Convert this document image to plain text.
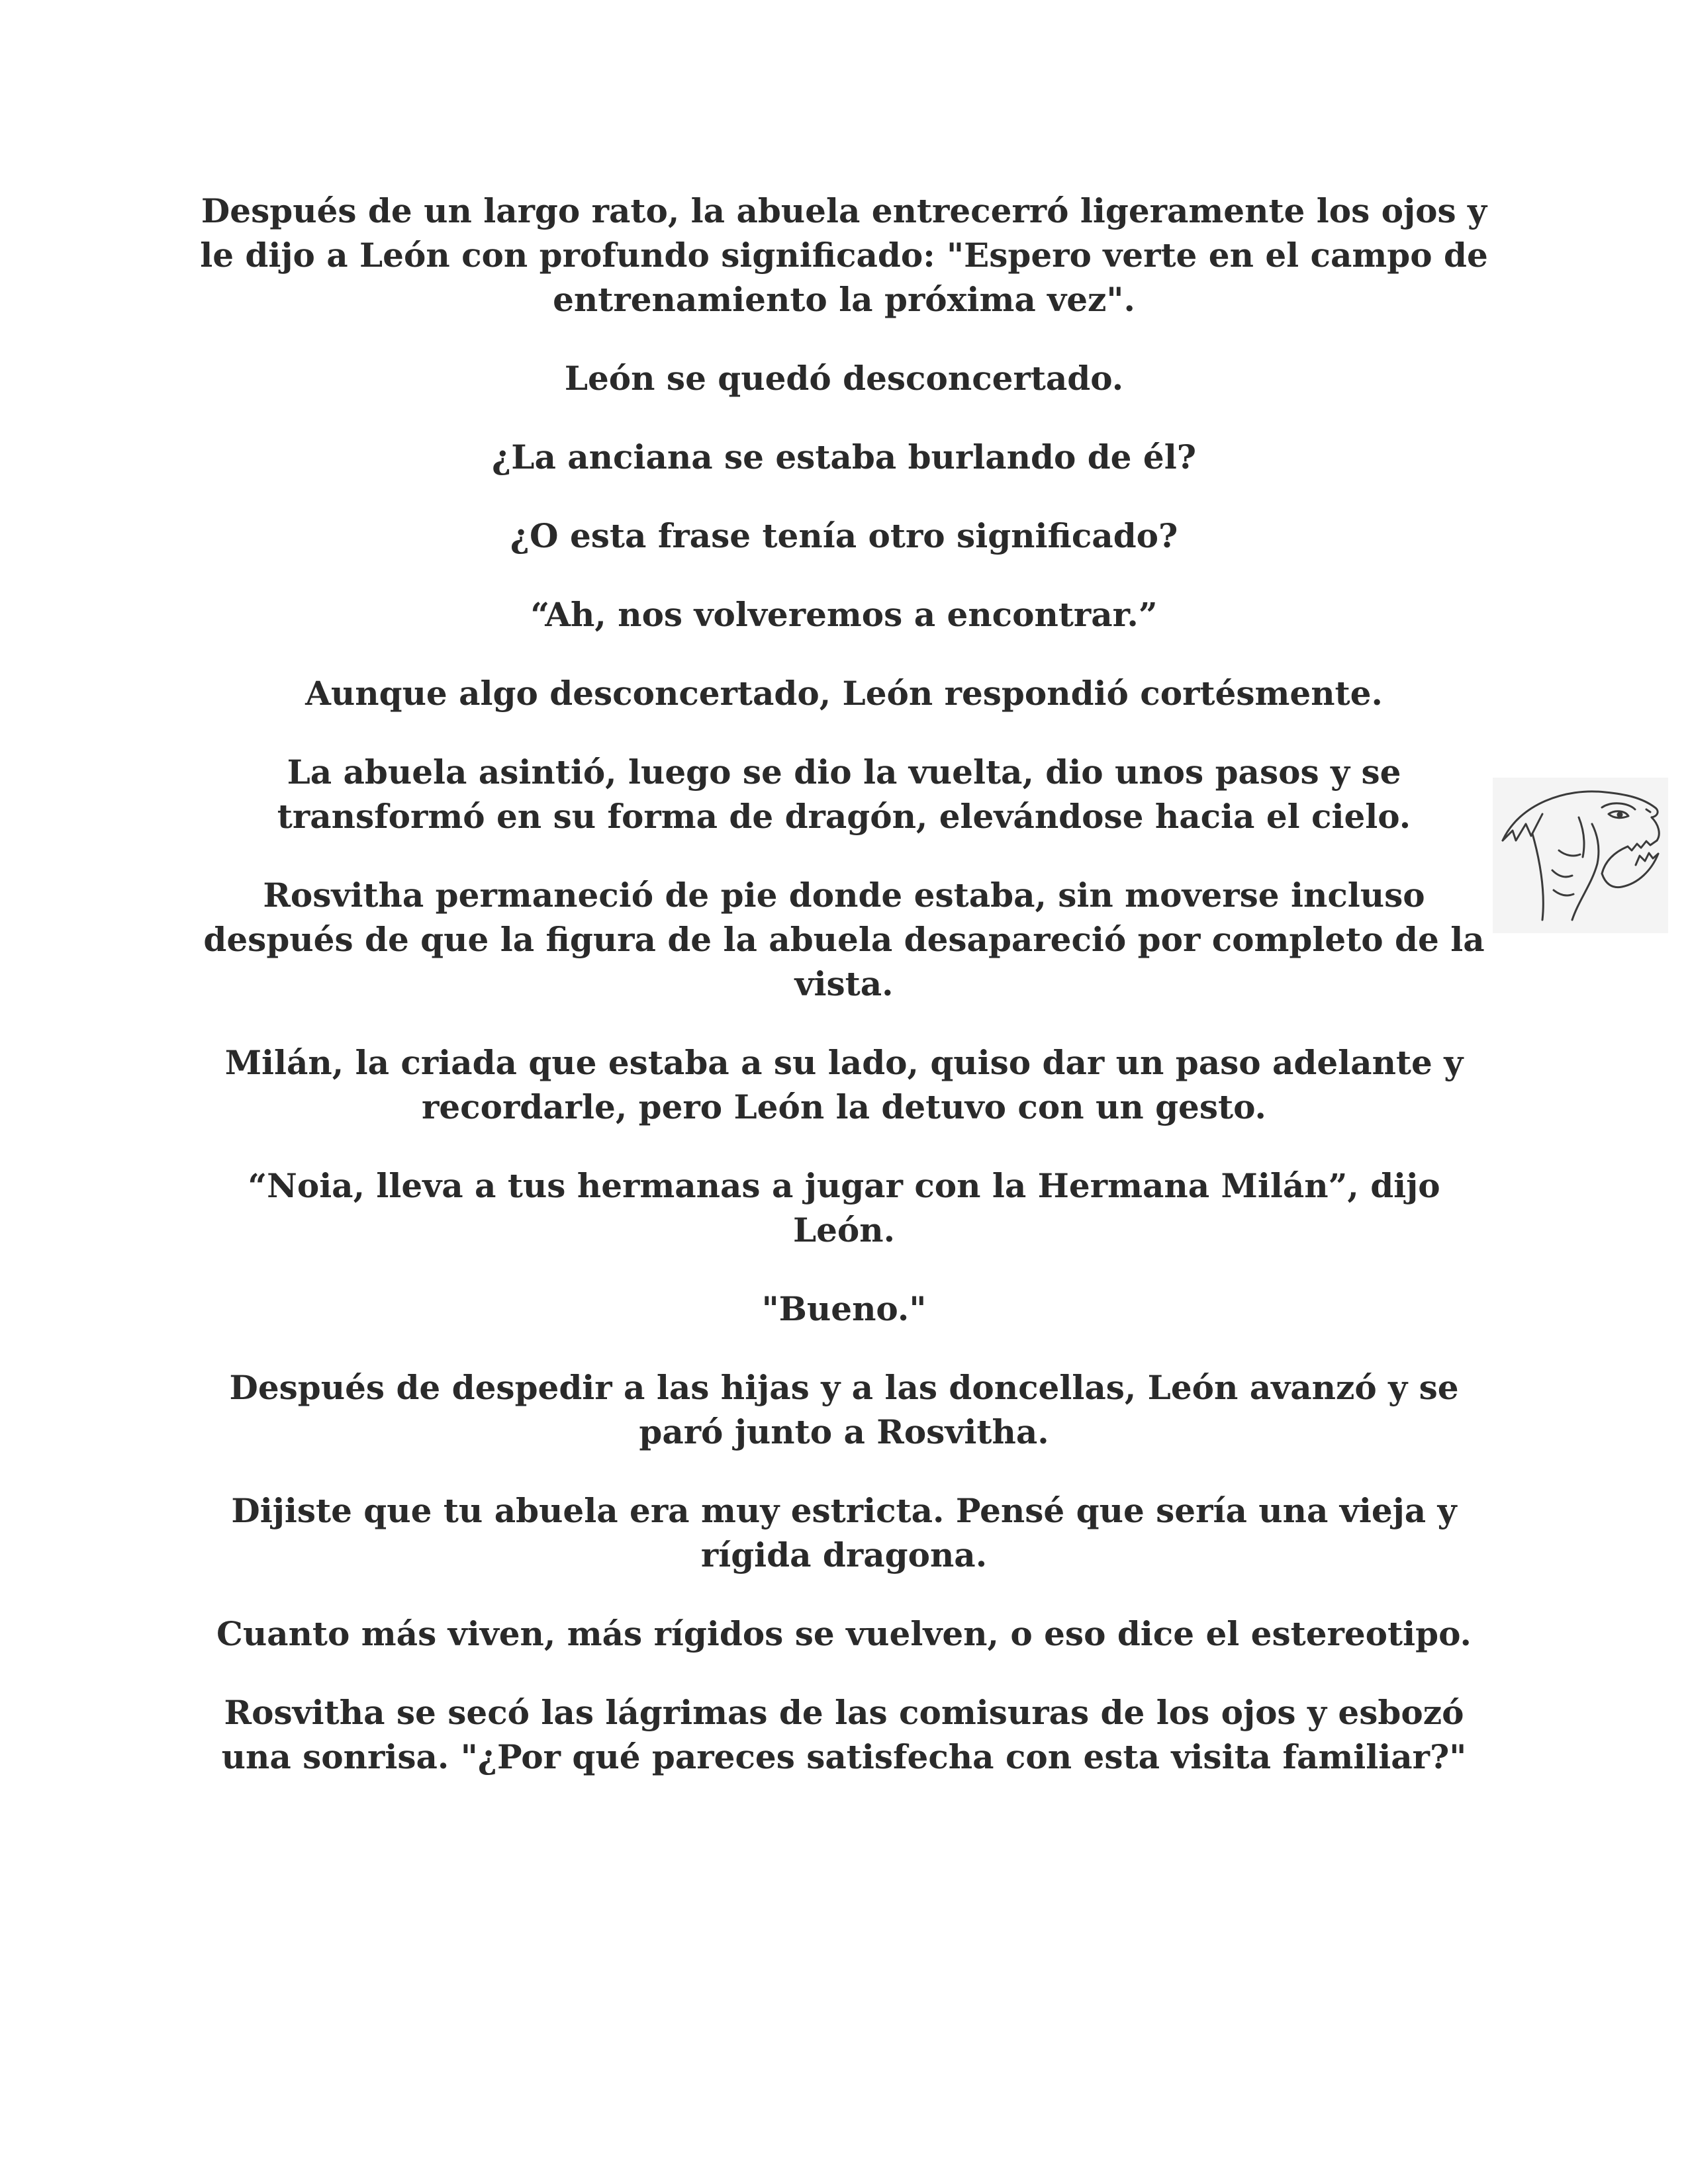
Después de un largo rato, la abuela entrecerró ligeramente los ojos y le dijo a León con profundo significado: "Espero verte en el campo de entrenamiento la próxima vez".

León se quedó desconcertado.

¿La anciana se estaba burlando de él?

¿O esta frase tenía otro significado?

“Ah, nos volveremos a encontrar.”

Aunque algo desconcertado, León respondió cortésmente.

La abuela asintió, luego se dio la vuelta, dio unos pasos y se transformó en su forma de dragón, elevándose hacia el cielo.

Rosvitha permaneció de pie donde estaba, sin moverse incluso después de que la figura de la abuela desapareció por completo de la vista.

Milán, la criada que estaba a su lado, quiso dar un paso adelante y recordarle, pero León la detuvo con un gesto.

“Noia, lleva a tus hermanas a jugar con la Hermana Milán”, dijo León.

"Bueno."

Después de despedir a las hijas y a las doncellas, León avanzó y se paró junto a Rosvitha.

Dijiste que tu abuela era muy estricta. Pensé que sería una vieja y rígida dragona.

Cuanto más viven, más rígidos se vuelven, o eso dice el estereotipo.

Rosvitha se secó las lágrimas de las comisuras de los ojos y esbozó una sonrisa. "¿Por qué pareces satisfecha con esta visita familiar?"
